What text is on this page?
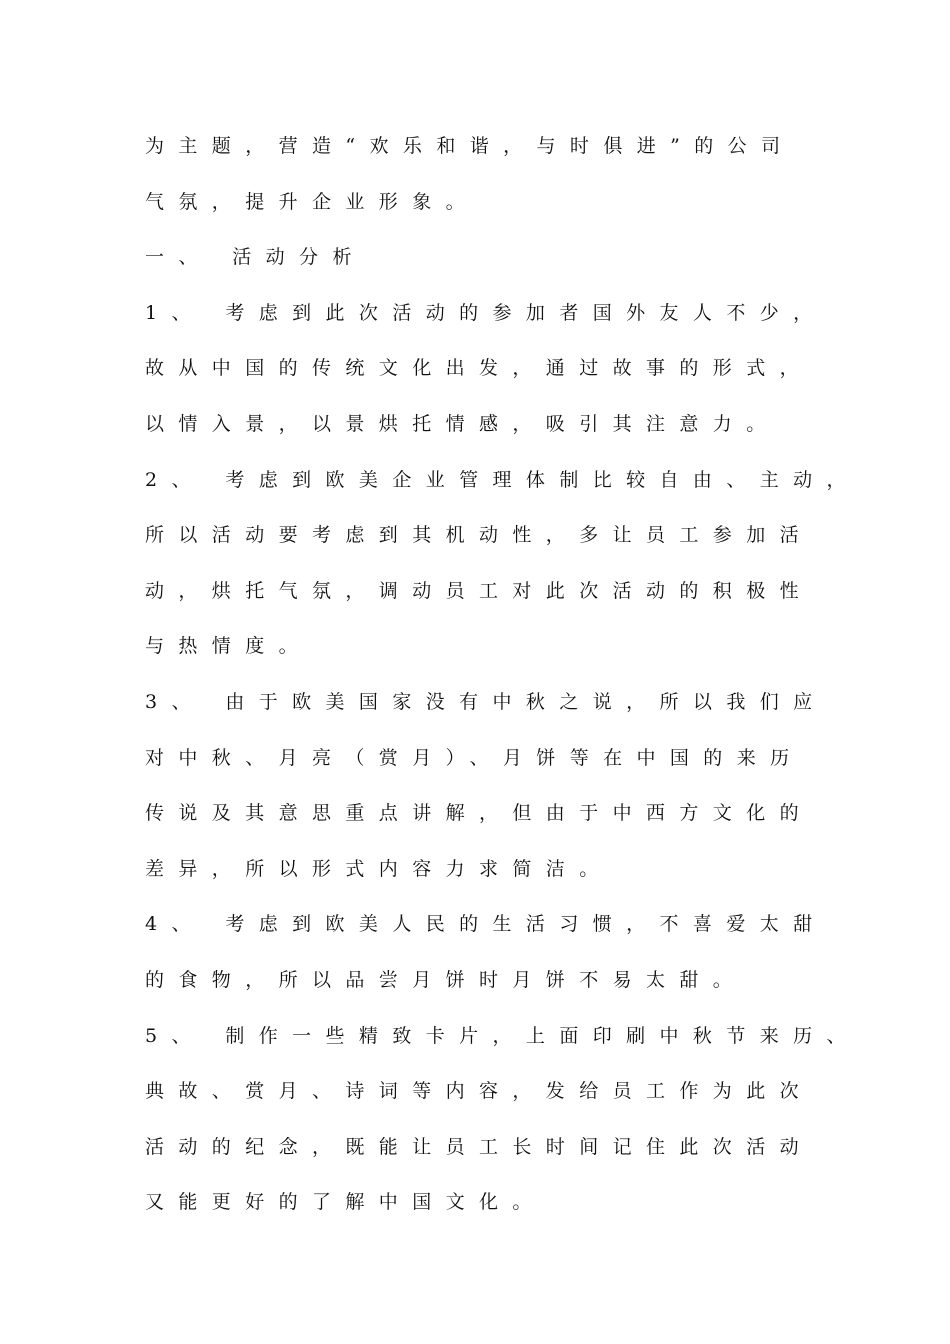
为主题，营造“欢乐和谐，与时俱进”的公司
气氛，提升企业形象。
一、 活动分析
1、 考虑到此次活动的参加者国外友人不少，
故从中国的传统文化出发，通过故事的形式，
以情入景，以景烘托情感，吸引其注意力。
2、 考虑到欧美企业管理体制比较自由、主动，
所以活动要考虑到其机动性，多让员工参加活
动，烘托气氛，调动员工对此次活动的积极性
与热情度。
3、 由于欧美国家没有中秋之说，所以我们应
对中秋、月亮（赏月）、月饼等在中国的来历
传说及其意思重点讲解，但由于中西方文化的
差异，所以形式内容力求简洁。
4、 考虑到欧美人民的生活习惯，不喜爱太甜
的食物，所以品尝月饼时月饼不易太甜。
5、 制作一些精致卡片，上面印刷中秋节来历、
典故、赏月、诗词等内容，发给员工作为此次
活动的纪念，既能让员工长时间记住此次活动
又能更好的了解中国文化。
